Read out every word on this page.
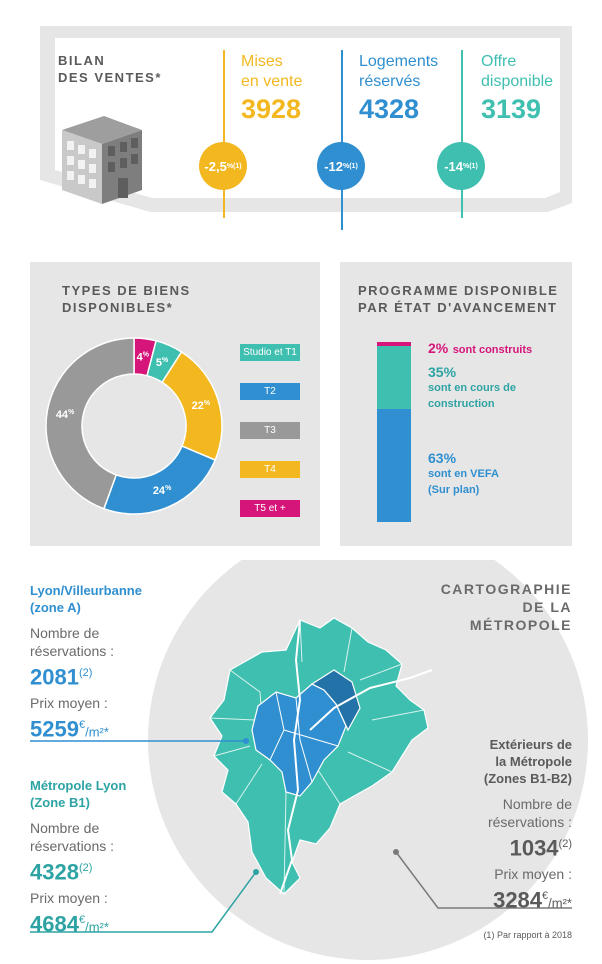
BILAN
DES VENTES*
Mises
en vente
3928
-2,5 %(1)
Logements
réservés
4328
-12 %(1)
Offre
disponible
3139
-14 %(1)
TYPES DE BIENS
DISPONIBLES*
4%
5%
22%
24%
44%
Studio et T1
T2
T3
T4
T5 et +
PROGRAMME DISPONIBLE
PAR ÉTAT D'AVANCEMENT
2% sont construits
35%
sont en cours de
construction
63%
sont en VEFA
(Sur plan)
CARTOGRAPHIE
DE LA
MÉTROPOLE
Lyon/Villeurbanne
(zone A)
Nombre de
réservations :
2081$^{(2)}$
Prix moyen :
5259€/m²*
Métropole Lyon
(Zone B1)
Nombre de
réservations :
4328$^{(2)}$
Prix moyen :
4684€/m²*
Extérieurs de
la Métropole
(Zones B1-B2)
Nombre de
réservations :
1034$^{(2)}$
Prix moyen :
3284€/m²*
(1) Par rapport à 2018
